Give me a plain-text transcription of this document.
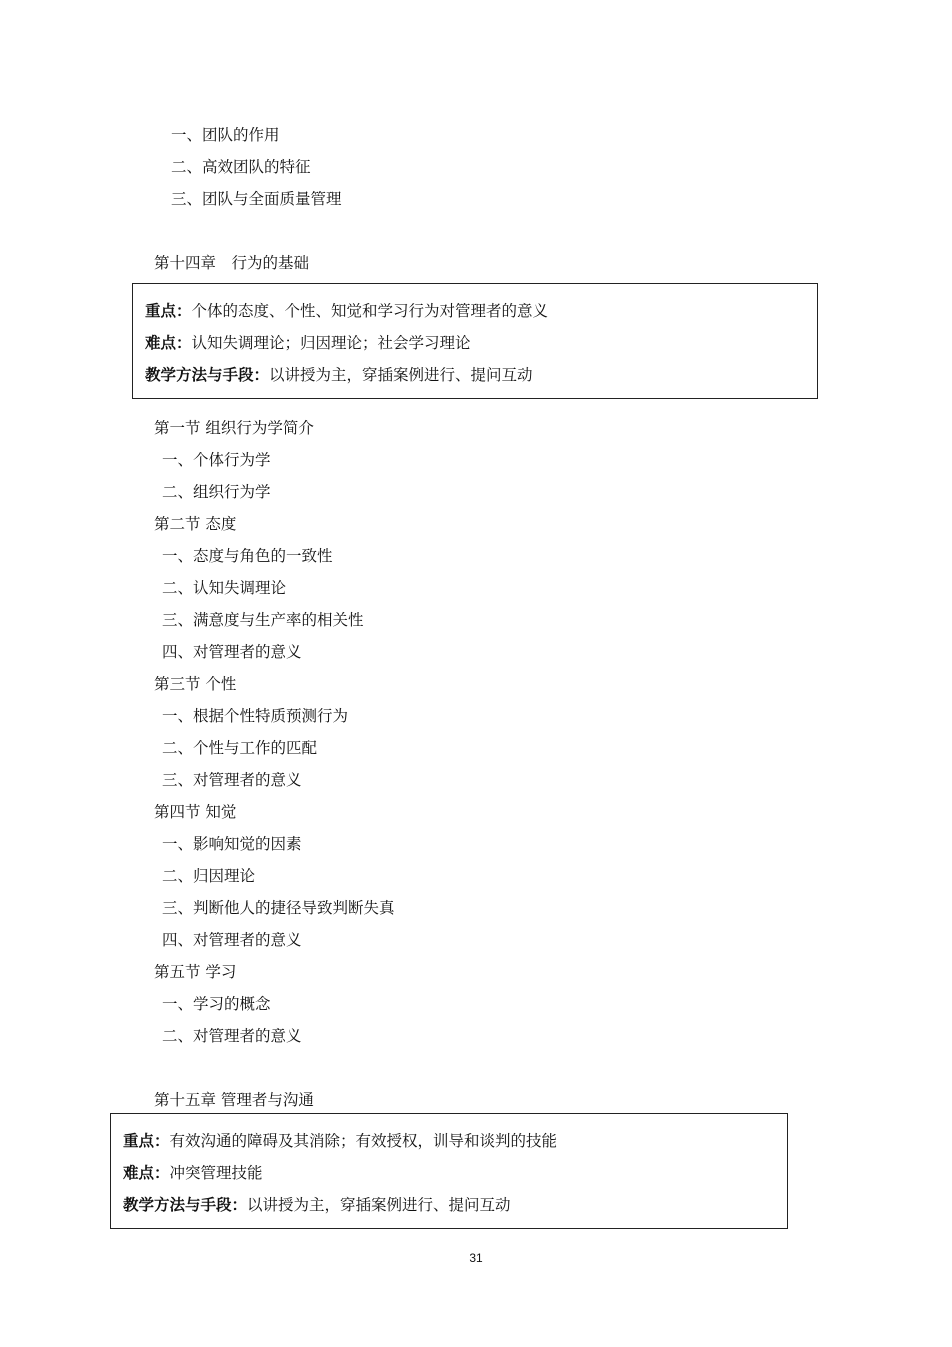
一、团队的作用

二、高效团队的特征

三、团队与全面质量管理

第十四章　行为的基础

重点：个体的态度、个性、知觉和学习行为对管理者的意义

难点：认知失调理论；归因理论；社会学习理论

教学方法与手段：以讲授为主，穿插案例进行、提问互动

第一节 组织行为学简介

一、个体行为学

二、组织行为学

第二节 态度

一、态度与角色的一致性

二、认知失调理论

三、满意度与生产率的相关性

四、对管理者的意义

第三节 个性

一、根据个性特质预测行为

二、个性与工作的匹配

三、对管理者的意义

第四节 知觉

一、影响知觉的因素

二、归因理论

三、判断他人的捷径导致判断失真

四、对管理者的意义

第五节 学习

一、学习的概念

二、对管理者的意义

第十五章 管理者与沟通

重点：有效沟通的障碍及其消除；有效授权，训导和谈判的技能

难点：冲突管理技能

教学方法与手段：以讲授为主，穿插案例进行、提问互动

31
